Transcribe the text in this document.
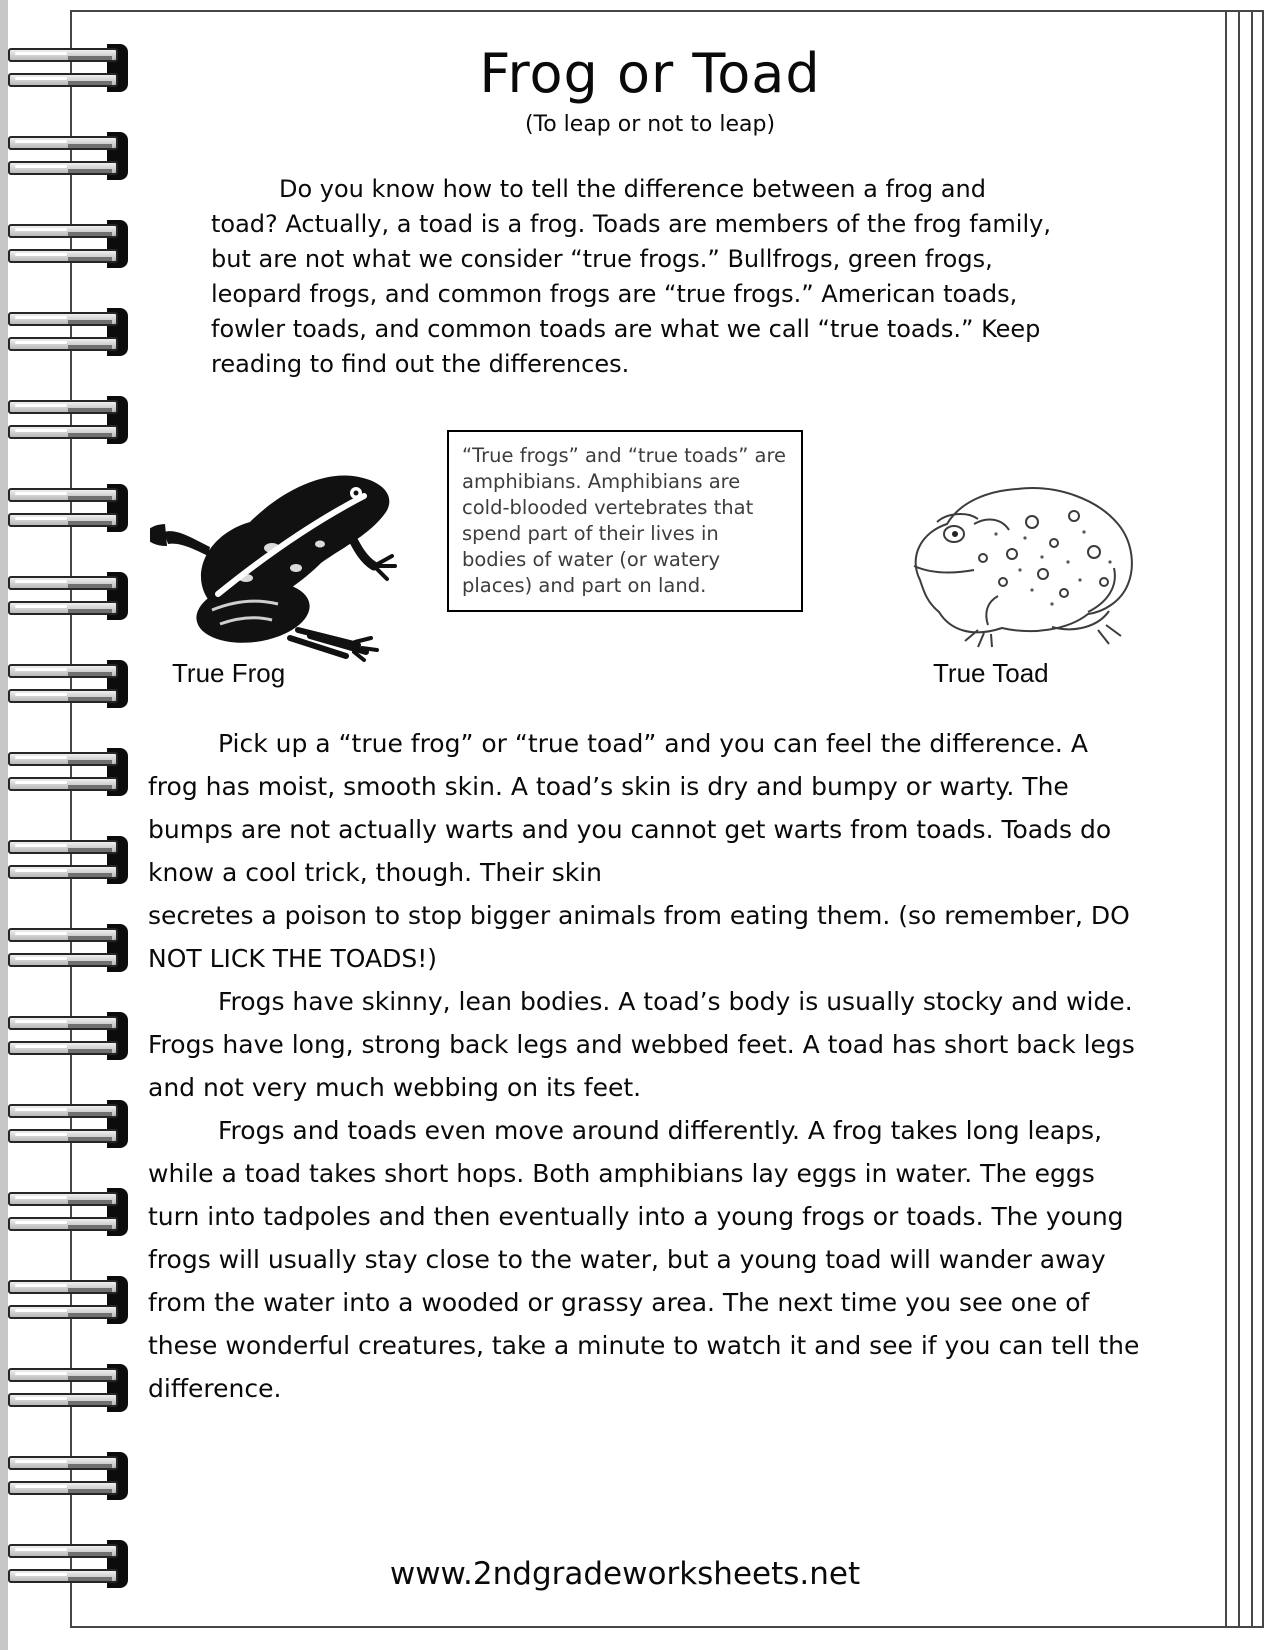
Frog or Toad
(To leap or not to leap)
Do you know how to tell the difference between a frog and toad? Actually, a toad is a frog. Toads are members of the frog family, but are not what we consider “true frogs.” Bullfrogs, green frogs, leopard frogs, and common frogs are “true frogs.” American toads, fowler toads, and common toads are what we call “true toads.” Keep reading to find out the differences.
“True frogs” and “true toads” are amphibians. Amphibians are cold-blooded vertebrates that spend part of their lives in bodies of water (or watery places) and part on land.
True Frog	True Toad

Pick up a “true frog” or “true toad” and you can feel the difference. A frog has moist, smooth skin. A toad’s skin is dry and bumpy or warty. The bumps are not actually warts and you cannot get warts from toads. Toads do know a cool trick, though. Their skin

secretes a poison to stop bigger animals from eating them. (so remember, DO NOT LICK THE TOADS!)

Frogs have skinny, lean bodies. A toad’s body is usually stocky and wide. Frogs have long, strong back legs and webbed feet. A toad has short back legs and not very much webbing on its feet.

Frogs and toads even move around differently. A frog takes long leaps, while a toad takes short hops. Both amphibians lay eggs in water. The eggs turn into tadpoles and then eventually into a young frogs or toads. The young frogs will usually stay close to the water, but a young toad will wander away from the water into a wooded or grassy area. The next time you see one of these wonderful creatures, take a minute to watch it and see if you can tell the difference.

www.2ndgradeworksheets.net
